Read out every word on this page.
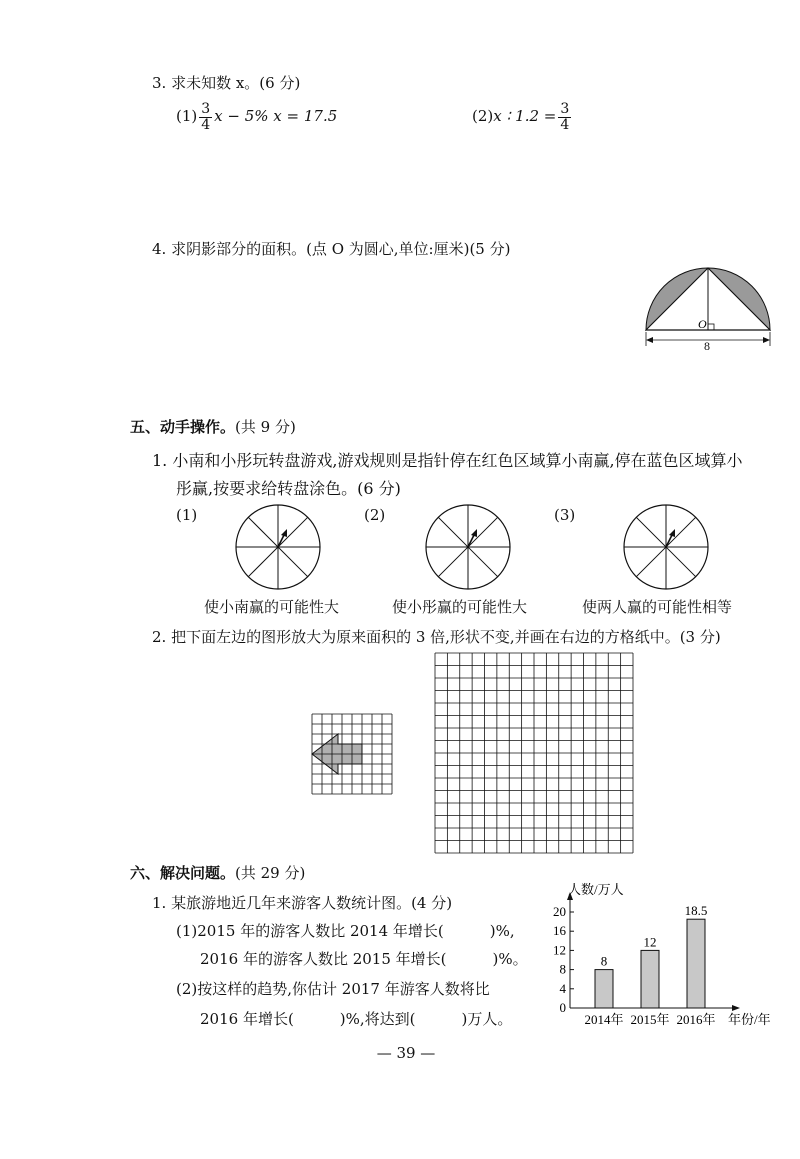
3. 求未知数 x。(6 分)
$(1) \frac{3}{4}$ x − 5% x = 17.5	(2)x ∶ $1.2 = \frac{3}{4}$
4. 求阴影部分的面积。(点 O 为圆心,单位:厘米)(5 分)
O
8
五、动手操作。(共 9 分)
1. 小南和小彤玩转盘游戏,游戏规则是指针停在红色区域算小南赢,停在蓝色区域算小
彤赢,按要求给转盘涂色。(6 分)
(1)	(2)	(3)
使小南赢的可能性大	使小彤赢的可能性大	使两人赢的可能性相等
2. 把下面左边的图形放大为原来面积的 3 倍,形状不变,并画在右边的方格纸中。(3 分)
六、解决问题。(共 29 分)
1. 某旅游地近几年来游客人数统计图。(4 分)
(1)2015 年的游客人数比 2014 年增长(	)%,
2016 年的游客人数比 2015 年增长(	)%。
(2)按这样的趋势,你估计 2017 年游客人数将比
2016 年增长(	)%,将达到(	)万人。
0
4
8
12
16
20
人数/万人
8
2014年
12
2015年
18.5
2016年 年份/年
— 39 —
